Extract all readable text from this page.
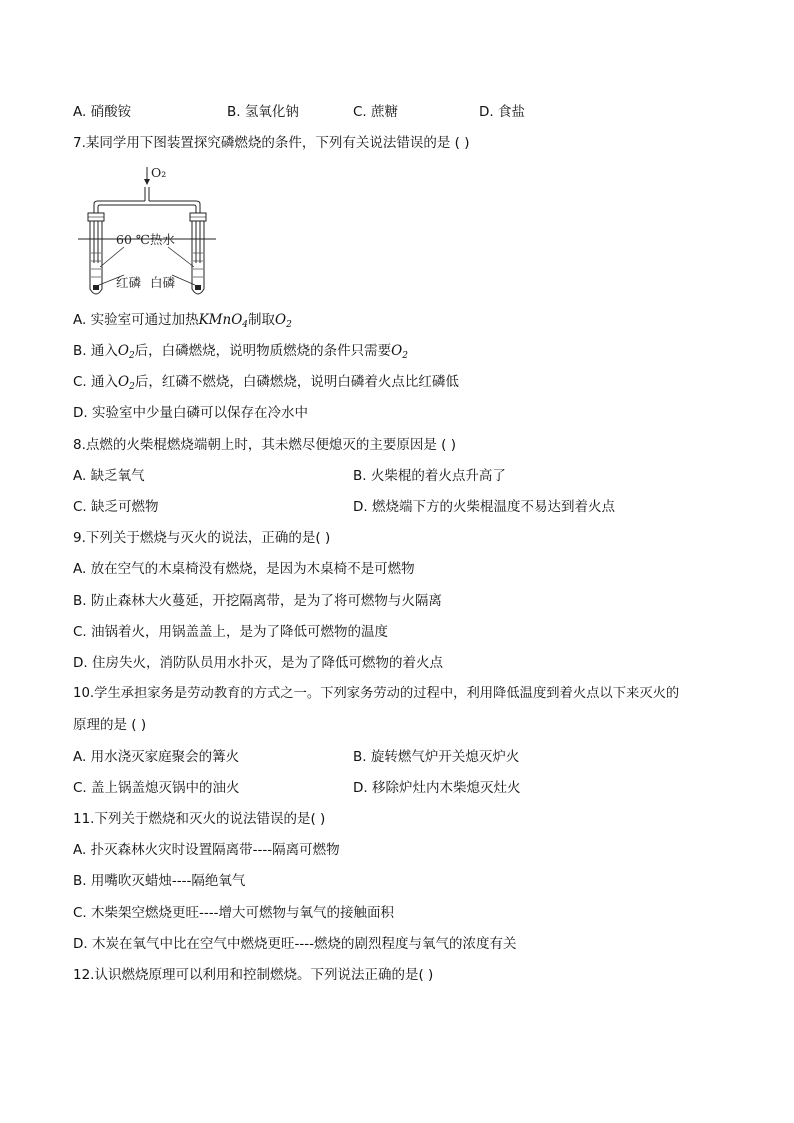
A. 硝酸铵	B. 氢氧化钠	C. 蔗糖	D. 食盐
7.某同学用下图装置探究磷燃烧的条件，下列有关说法错误的是 ( )
O₂
60 ℃热水
红磷 白磷
A. 实验室可通过加热KMnO$_4$制取$O_2$
B. 通入$O_2$后，白磷燃烧，说明物质燃烧的条件只需要$O_2$
C. 通入$O_2$后，红磷不燃烧，白磷燃烧，说明白磷着火点比红磷低
D. 实验室中少量白磷可以保存在冷水中
8.点燃的火柴棍燃烧端朝上时，其未燃尽便熄灭的主要原因是 ( )
A. 缺乏氧气	B. 火柴棍的着火点升高了
C. 缺乏可燃物	D. 燃烧端下方的火柴棍温度不易达到着火点
9.下列关于燃烧与灭火的说法，正确的是( )
A. 放在空气的木桌椅没有燃烧，是因为木桌椅不是可燃物
B. 防止森林大火蔓延，开挖隔离带，是为了将可燃物与火隔离
C. 油锅着火，用锅盖盖上，是为了降低可燃物的温度
D. 住房失火，消防队员用水扑灭，是为了降低可燃物的着火点
10.学生承担家务是劳动教育的方式之一。下列家务劳动的过程中，利用降低温度到着火点以下来灭火的
原理的是 ( )
A. 用水浇灭家庭聚会的篝火	B. 旋转燃气炉开关熄灭炉火
C. 盖上锅盖熄灭锅中的油火	D. 移除炉灶内木柴熄灭灶火
11.下列关于燃烧和灭火的说法错误的是( )
A. 扑灭森林火灾时设置隔离带----隔离可燃物
B. 用嘴吹灭蜡烛----隔绝氧气
C. 木柴架空燃烧更旺----增大可燃物与氧气的接触面积
D. 木炭在氧气中比在空气中燃烧更旺----燃烧的剧烈程度与氧气的浓度有关
12.认识燃烧原理可以利用和控制燃烧。下列说法正确的是( )
